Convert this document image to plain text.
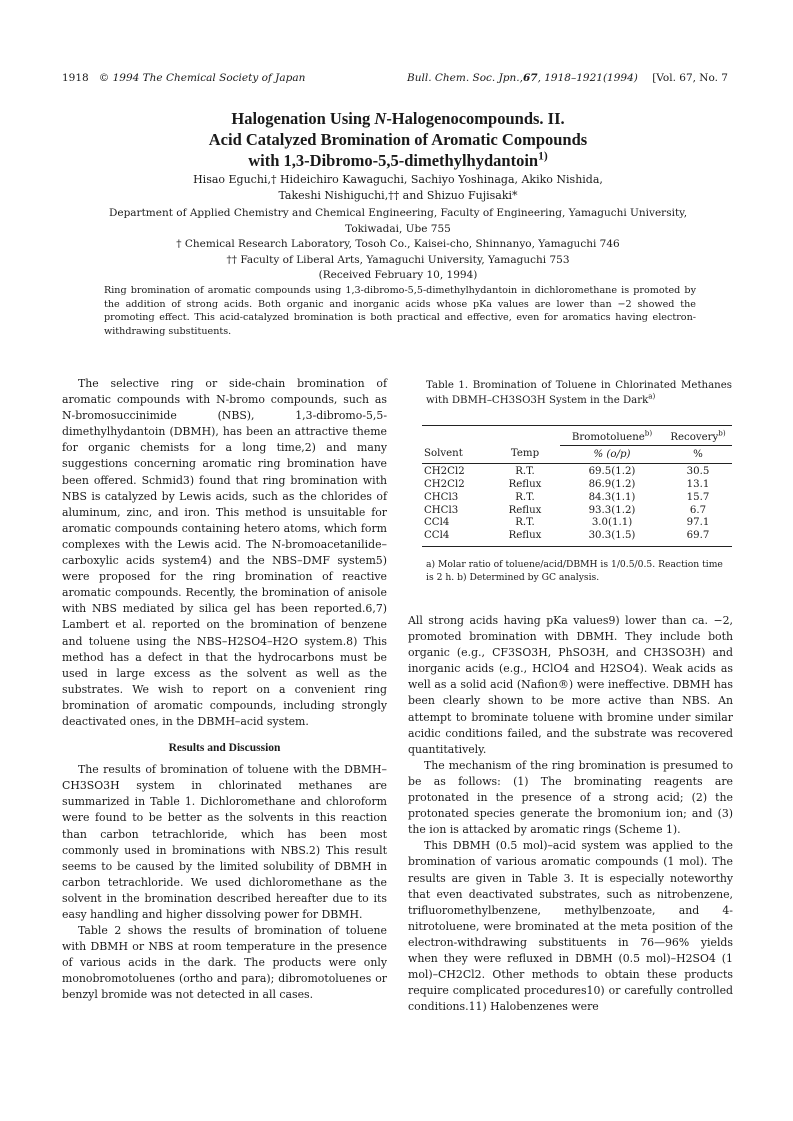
1918 © 1994 The Chemical Society of Japan	Bull. Chem. Soc. Jpn.,67, 1918–1921(1994) [Vol. 67, No. 7
Halogenation Using N-Halogenocompounds. II.
Acid Catalyzed Bromination of Aromatic Compounds
with 1,3-Dibromo-5,5-dimethylhydantoin$^{1)}$
Hisao Eguchi,† Hideichiro Kawaguchi, Sachiyo Yoshinaga, Akiko Nishida,
Takeshi Nishiguchi,†† and Shizuo Fujisaki*
Department of Applied Chemistry and Chemical Engineering, Faculty of Engineering, Yamaguchi University,
Tokiwadai, Ube 755
† Chemical Research Laboratory, Tosoh Co., Kaisei-cho, Shinnanyo, Yamaguchi 746
†† Faculty of Liberal Arts, Yamaguchi University, Yamaguchi 753
(Received February 10, 1994)
Ring bromination of aromatic compounds using 1,3-dibromo-5,5-dimethylhydantoin in dichloromethane is promoted by the addition of strong acids. Both organic and inorganic acids whose pKa values are lower than −2 showed the promoting effect. This acid-catalyzed bromination is both practical and effective, even for aromatics having electron-withdrawing substituents.

The selective ring or side-chain bromination of aromatic compounds with N-bromo compounds, such as N-bromosuccinimide (NBS), 1,3-dibromo-5,5-dimethylhydantoin (DBMH), has been an attractive theme for organic chemists for a long time,2) and many suggestions concerning aromatic ring bromination have been offered. Schmid3) found that ring bromination with NBS is catalyzed by Lewis acids, such as the chlorides of aluminum, zinc, and iron. This method is unsuitable for aromatic compounds containing hetero atoms, which form complexes with the Lewis acid. The N-bromoacetanilide–carboxylic acids system4) and the NBS–DMF system5) were proposed for the ring bromination of reactive aromatic compounds. Recently, the bromination of anisole with NBS mediated by silica gel has been reported.6,7) Lambert et al. reported on the bromination of benzene and toluene using the NBS–H2SO4–H2O system.8) This method has a defect in that the hydrocarbons must be used in large excess as the solvent as well as the substrates. We wish to report on a convenient ring bromination of aromatic compounds, including strongly deactivated ones, in the DBMH–acid system.

Results and Discussion

The results of bromination of toluene with the DBMH–CH3SO3H system in chlorinated methanes are summarized in Table 1. Dichloromethane and chloroform were found to be better as the solvents in this reaction than carbon tetrachloride, which has been most commonly used in brominations with NBS.2) This result seems to be caused by the limited solubility of DBMH in carbon tetrachloride. We used dichloromethane as the solvent in the bromination described hereafter due to its easy handling and higher dissolving power for DBMH.

Table 2 shows the results of bromination of toluene with DBMH or NBS at room temperature in the presence of various acids in the dark. The products were only monobromotoluenes (ortho and para); dibromotoluenes or benzyl bromide was not detected in all cases.

Table 1. Bromination of Toluene in Chlorinated Methanes with DBMH–CH3SO3H System in the Dark$^{a)}$

		Bromotoluene$^{b)}$	Recovery$^{b)}$
Solvent	Temp	% (o/p)	%
CH2Cl2	R.T.	69.5(1.2)	30.5
CH2Cl2	Reflux	86.9(1.2)	13.1
CHCl3	R.T.	84.3(1.1)	15.7
CHCl3	Reflux	93.3(1.2)	6.7
CCl4	R.T.	3.0(1.1)	97.1
CCl4	Reflux	30.3(1.5)	69.7
a) Molar ratio of toluene/acid/DBMH is 1/0.5/0.5. Reaction time is 2 h. b) Determined by GC analysis.

All strong acids having pKa values9) lower than ca. −2, promoted bromination with DBMH. They include both organic (e.g., CF3SO3H, PhSO3H, and CH3SO3H) and inorganic acids (e.g., HClO4 and H2SO4). Weak acids as well as a solid acid (Nafion®) were ineffective. DBMH has been clearly shown to be more active than NBS. An attempt to brominate toluene with bromine under similar acidic conditions failed, and the substrate was recovered quantitatively.

The mechanism of the ring bromination is presumed to be as follows: (1) The brominating reagents are protonated in the presence of a strong acid; (2) the protonated species generate the bromonium ion; and (3) the ion is attacked by aromatic rings (Scheme 1).

This DBMH (0.5 mol)–acid system was applied to the bromination of various aromatic compounds (1 mol). The results are given in Table 3. It is especially noteworthy that even deactivated substrates, such as nitrobenzene, trifluoromethylbenzene, methylbenzoate, and 4-nitrotoluene, were brominated at the meta position of the electron-withdrawing substituents in 76—96% yields when they were refluxed in DBMH (0.5 mol)–H2SO4 (1 mol)–CH2Cl2. Other methods to obtain these products require complicated procedures10) or carefully controlled conditions.11) Halobenzenes were
